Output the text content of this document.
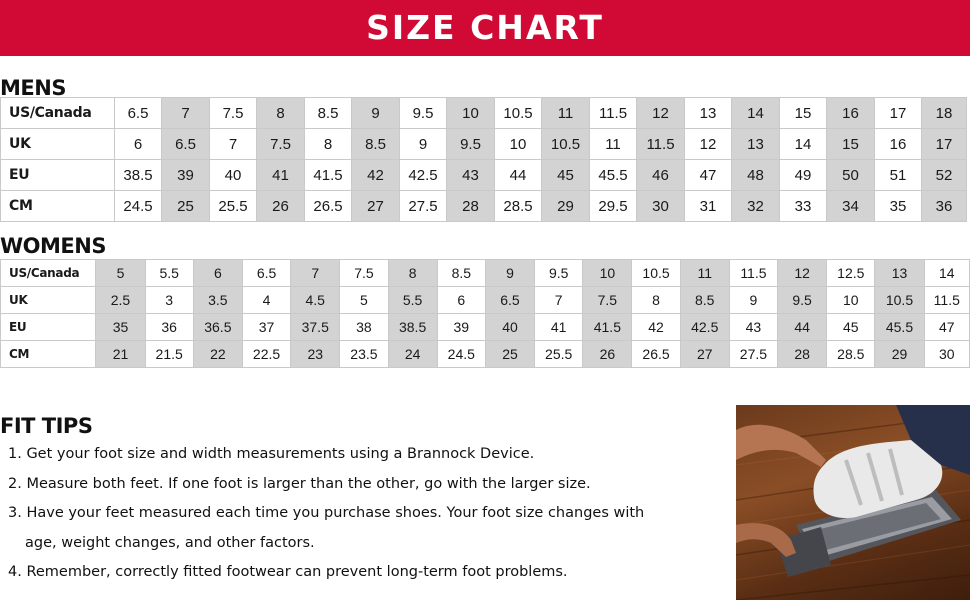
SIZE CHART
MENS
US/Canada	6.5	7	7.5	8	8.5	9	9.5	10	10.5	11	11.5	12	13	14	15	16	17	18
UK	6	6.5	7	7.5	8	8.5	9	9.5	10	10.5	11	11.5	12	13	14	15	16	17
EU	38.5	39	40	41	41.5	42	42.5	43	44	45	45.5	46	47	48	49	50	51	52
CM	24.5	25	25.5	26	26.5	27	27.5	28	28.5	29	29.5	30	31	32	33	34	35	36
WOMENS
US/Canada	5	5.5	6	6.5	7	7.5	8	8.5	9	9.5	10	10.5	11	11.5	12	12.5	13	14
UK	2.5	3	3.5	4	4.5	5	5.5	6	6.5	7	7.5	8	8.5	9	9.5	10	10.5	11.5
EU	35	36	36.5	37	37.5	38	38.5	39	40	41	41.5	42	42.5	43	44	45	45.5	47
CM	21	21.5	22	22.5	23	23.5	24	24.5	25	25.5	26	26.5	27	27.5	28	28.5	29	30
FIT TIPS
1. Get your foot size and width measurements using a Brannock Device.
2. Measure both feet. If one foot is larger than the other, go with the larger size.
3. Have your feet measured each time you purchase shoes. Your foot size changes with
age, weight changes, and other factors.
4. Remember, correctly fitted footwear can prevent long-term foot problems.
